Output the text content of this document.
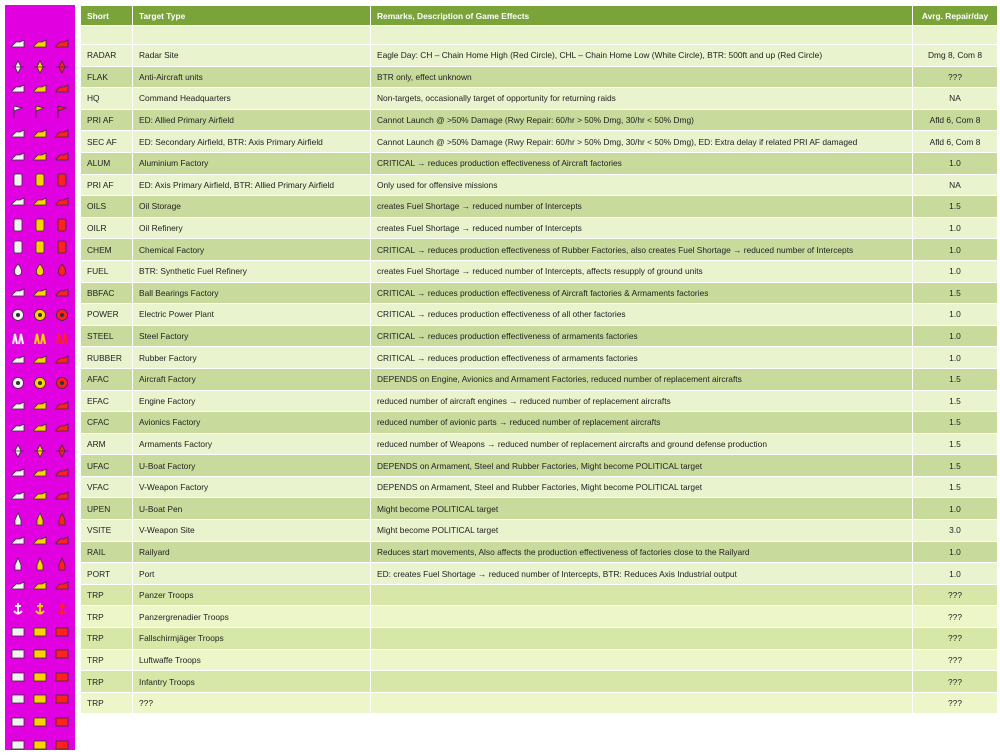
Short	Target Type	Remarks, Description of Game Effects	Avrg. Repair/day

RADAR	Radar Site	Eagle Day: CH – Chain Home High (Red Circle), CHL – Chain Home Low (White Circle), BTR: 500ft and up (Red Circle)	Dmg 8, Com 8
FLAK	Anti-Aircraft units	BTR only, effect unknown	???
HQ	Command Headquarters	Non-targets, occasionally target of opportunity for returning raids	NA
PRI AF	ED: Allied Primary Airfield	Cannot Launch @ >50% Damage (Rwy Repair: 60/hr > 50% Dmg, 30/hr < 50% Dmg)	Afld 6, Com 8
SEC AF	ED: Secondary Airfield, BTR: Axis Primary Airfield	Cannot Launch @ >50% Damage (Rwy Repair: 60/hr > 50% Dmg, 30/hr < 50% Dmg), ED: Extra delay if related PRI AF damaged	Afld 6, Com 8
ALUM	Aluminium Factory	CRITICAL → reduces production effectiveness of Aircraft factories	1.0
PRI AF	ED: Axis Primary Airfield, BTR: Allied Primary Airfield	Only used for offensive missions	NA
OILS	Oil Storage	creates Fuel Shortage → reduced number of Intercepts	1.5
OILR	Oil Refinery	creates Fuel Shortage → reduced number of Intercepts	1.0
CHEM	Chemical Factory	CRITICAL → reduces production effectiveness of Rubber Factories, also creates Fuel Shortage → reduced number of Intercepts	1.0
FUEL	BTR: Synthetic Fuel Refinery	creates Fuel Shortage → reduced number of Intercepts, affects resupply of ground units	1.0
BBFAC	Ball Bearings Factory	CRITICAL → reduces production effectiveness of Aircraft factories & Armaments factories	1.5
POWER	Electric Power Plant	CRITICAL → reduces production effectiveness of all other factories	1.0
STEEL	Steel Factory	CRITICAL → reduces production effectiveness of armaments factories	1.0
RUBBER	Rubber Factory	CRITICAL → reduces production effectiveness of armaments factories	1.0
AFAC	Aircraft Factory	DEPENDS on Engine, Avionics and Armament Factories, reduced number of replacement aircrafts	1.5
EFAC	Engine Factory	reduced number of aircraft engines → reduced number of replacement aircrafts	1.5
CFAC	Avionics Factory	reduced number of avionic parts → reduced number of replacement aircrafts	1.5
ARM	Armaments Factory	reduced number of Weapons → reduced number of replacement aircrafts and ground defense production	1.5
UFAC	U-Boat Factory	DEPENDS on Armament, Steel and Rubber Factories, Might become POLITICAL target	1.5
VFAC	V-Weapon Factory	DEPENDS on Armament, Steel and Rubber Factories, Might become POLITICAL target	1.5
UPEN	U-Boat Pen	Might become POLITICAL target	1.0
VSITE	V-Weapon Site	Might become POLITICAL target	3.0
RAIL	Railyard	Reduces start movements, Also affects the production effectiveness of factories close to the Railyard	1.0
PORT	Port	ED: creates Fuel Shortage → reduced number of Intercepts, BTR: Reduces Axis Industrial output	1.0
TRP	Panzer Troops		???
TRP	Panzergrenadier Troops		???
TRP	Fallschirmjäger Troops		???
TRP	Luftwaffe Troops		???
TRP	Infantry Troops		???
TRP	???		???
